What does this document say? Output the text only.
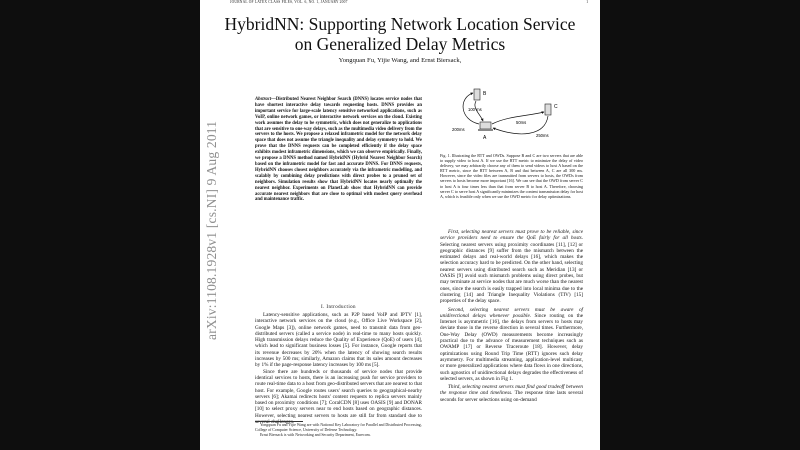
JOURNAL OF LATEX CLASS FILES, VOL. 6, NO. 1, JANUARY 2007	1
arXiv:1108.1928v1 [cs.NI] 9 Aug 2011
HybridNN: Supporting Network Location Service on Generalized Delay Metrics
Yongquan Fu, Yijie Wang, and Ernst Biersack,
Abstract—Distributed Nearest Neighbor Search (DNNS) locates service nodes that have shortest interactive delay towards requesting hosts. DNNS provides an important service for large-scale latency sensitive networked applications, such as VoIP, online network games, or interactive network services on the cloud. Existing work assumes the delay to be symmetric, which does not generalize to applications that are sensitive to one-way delays, such as the multimedia video delivery from the servers to the hosts. We propose a relaxed inframetric model for the network delay space that does not assume the triangle inequality and delay symmetry to hold. We prove that the DNNS requests can be completed efficiently if the delay space exhibits modest inframetric dimensions, which we can observe empirically. Finally, we propose a DNNS method named HybridNN (Hybrid Nearest Neighbor Search) based on the inframetric model for fast and accurate DNNS. For DNNS requests, HybridNN chooses closest neighbors accurately via the inframetric modelling, and scalably by combining delay predictions with direct probes to a pruned set of neighbors. Simulation results show that HybridNN locates nearly optimally the nearest neighbor. Experiments on PlanetLab show that HybridNN can provide accurate nearest neighbors that are close to optimal with modest query overhead and maintenance traffic.
I. Introduction

Latency-sensitive applications, such as P2P based VoIP and IPTV [1], interactive network services on the cloud (e.g., Office Live Workspace [2], Google Maps [3]), online network games, need to transmit data from geo-distributed servers (called a service node) in real-time to many hosts quickly. High transmission delays reduce the Quality of Experience (QoE) of users [4], which lead to significant business losses [5]. For instance, Google reports that its revenue decreases by 20% when the latency of showing search results increases by 500 ms; similarly, Amazon claims that its sales amount decreases by 1% if the page-response latency increases by 100 ms [5].

Since there are hundreds or thousands of service nodes that provide identical services to hosts, there is an increasing push for service providers to route real-time data to a host from geo-distributed servers that are nearest to that host. For example, Google routes users' search queries to geographical-nearby servers [6]; Akamai redirects hosts' content requests to replica servers mainly based on proximity conditions [7]; CoralCDN [8] uses OASIS [9] and DONAR [10] to select proxy servers near to end hosts based on geographic distances. However, selecting nearest servers to hosts are still far from standard due to several challenges.

Yongquan Fu and Yijie Wang are with National Key Laboratory for Parallel and Distributed Processing, College of Computer Science, University of Defense Technology.

Ernst Biersack is with Networking and Security Department, Eurecom.

B
C
A
100 ms
200ms
50ms
250ms
Fig. 1. Illustrating the RTT and OWDs. Suppose B and C are two servers that are able to supply video to host A. If we use the RTT metric to minimize the delay of video delivery, we may arbitrarily choose any of them to send videos to host A based on the RTT metric, since the RTT between A, B and that between A, C are all 300 ms. However, since the video files are transmitted from servers to hosts, the OWDs from servers to hosts become more important [16]. We can see that the OWD from server C to host A is four times less than that from server B to host A. Therefore, choosing server C to serve host A significantly minimizes the content transmission delay for host A, which is feasible only when we use the OWD metric for delay optimizations.

First, selecting nearest servers must prove to be reliable, since service providers need to ensure the QoE fairly for all hosts. Selecting nearest servers using proximity coordinates [11], [12] or geographic distances [9] suffer from the mismatch between the estimated delays and real-world delays [16], which makes the selection accuracy hard to be predicted. On the other hand, selecting nearest servers using distributed search such as Meridian [13] or OASIS [9] avoid such mismatch problems using direct probes, but may terminate at service nodes that are much worse than the nearest ones, since the search is easily trapped into local minima due to the clustering [14] and Triangle Inequality Violations (TIV) [15] properties of the delay space.

Second, selecting nearest servers must be aware of unidirectional delays whenever possible. Since routing on the Internet is asymmetric [16], the delays from servers to hosts may deviate those in the reverse direction in several times. Furthermore, One-Way Delay (OWD) measurements become increasingly practical due to the advance of measurement techniques such as OWAMP [17] or Reverse Traceroute [18]. However, delay optimizations using Round Trip Time (RTT) ignores such delay asymmetry. For multimedia streaming, application-level multicast, or more generalized applications where data flows in one directions, such agnostics of unidirectional delays degrades the effectiveness of selected servers, as shown in Fig 1.

Third, selecting nearest servers must find good tradeoff between the response time and timeliness. The response time lasts several seconds for server selections using on-demand
